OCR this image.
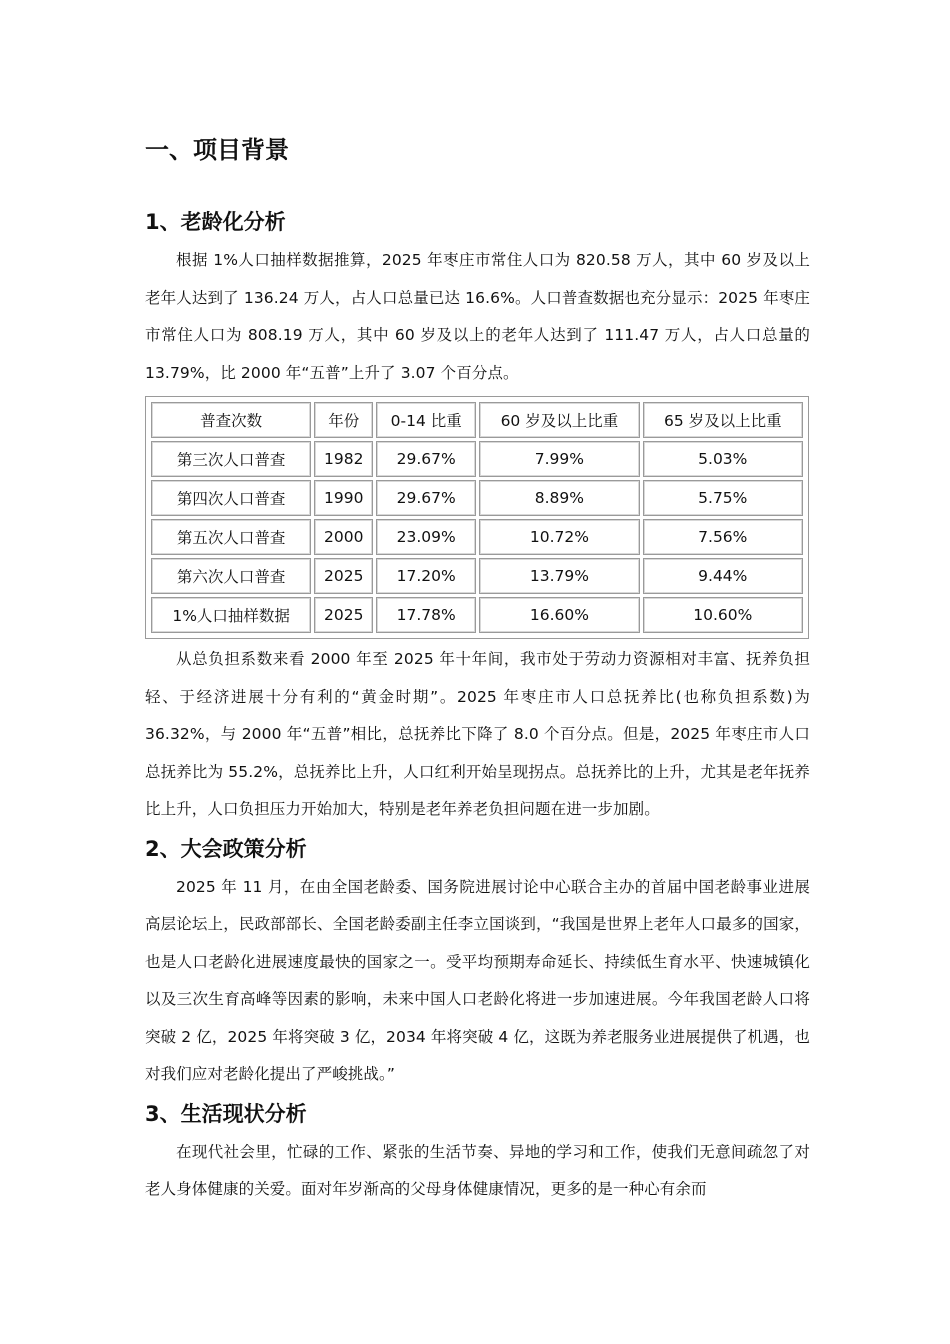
一、项目背景
1、老龄化分析

根据 1%人口抽样数据推算，2025 年枣庄市常住人口为 820.58 万人，其中 60 岁及以上老年人达到了 136.24 万人，占人口总量已达 16.6%。人口普查数据也充分显示：2025 年枣庄市常住人口为 808.19 万人，其中 60 岁及以上的老年人达到了 111.47 万人，占人口总量的 13.79%，比 2000 年“五普”上升了 3.07 个百分点。

普查次数	年份	0-14 比重	60 岁及以上比重	65 岁及以上比重
第三次人口普查	1982	29.67%	7.99%	5.03%
第四次人口普查	1990	29.67%	8.89%	5.75%
第五次人口普查	2000	23.09%	10.72%	7.56%
第六次人口普查	2025	17.20%	13.79%	9.44%
1%人口抽样数据	2025	17.78%	16.60%	10.60%

从总负担系数来看 2000 年至 2025 年十年间，我市处于劳动力资源相对丰富、抚养负担轻、于经济进展十分有利的“黄金时期”。2025 年枣庄市人口总抚养比(也称负担系数)为 36.32%，与 2000 年“五普”相比，总抚养比下降了 8.0 个百分点。但是，2025 年枣庄市人口总抚养比为 55.2%，总抚养比上升，人口红利开始呈现拐点。总抚养比的上升，尤其是老年抚养比上升，人口负担压力开始加大，特别是老年养老负担问题在进一步加剧。

2、大会政策分析

2025 年 11 月，在由全国老龄委、国务院进展讨论中心联合主办的首届中国老龄事业进展高层论坛上，民政部部长、全国老龄委副主任李立国谈到，“我国是世界上老年人口最多的国家，也是人口老龄化进展速度最快的国家之一。受平均预期寿命延长、持续低生育水平、快速城镇化以及三次生育高峰等因素的影响，未来中国人口老龄化将进一步加速进展。今年我国老龄人口将突破 2 亿，2025 年将突破 3 亿，2034 年将突破 4 亿，这既为养老服务业进展提供了机遇，也对我们应对老龄化提出了严峻挑战。”

3、生活现状分析

在现代社会里，忙碌的工作、紧张的生活节奏、异地的学习和工作，使我们无意间疏忽了对老人身体健康的关爱。面对年岁渐高的父母身体健康情况，更多的是一种心有余而
